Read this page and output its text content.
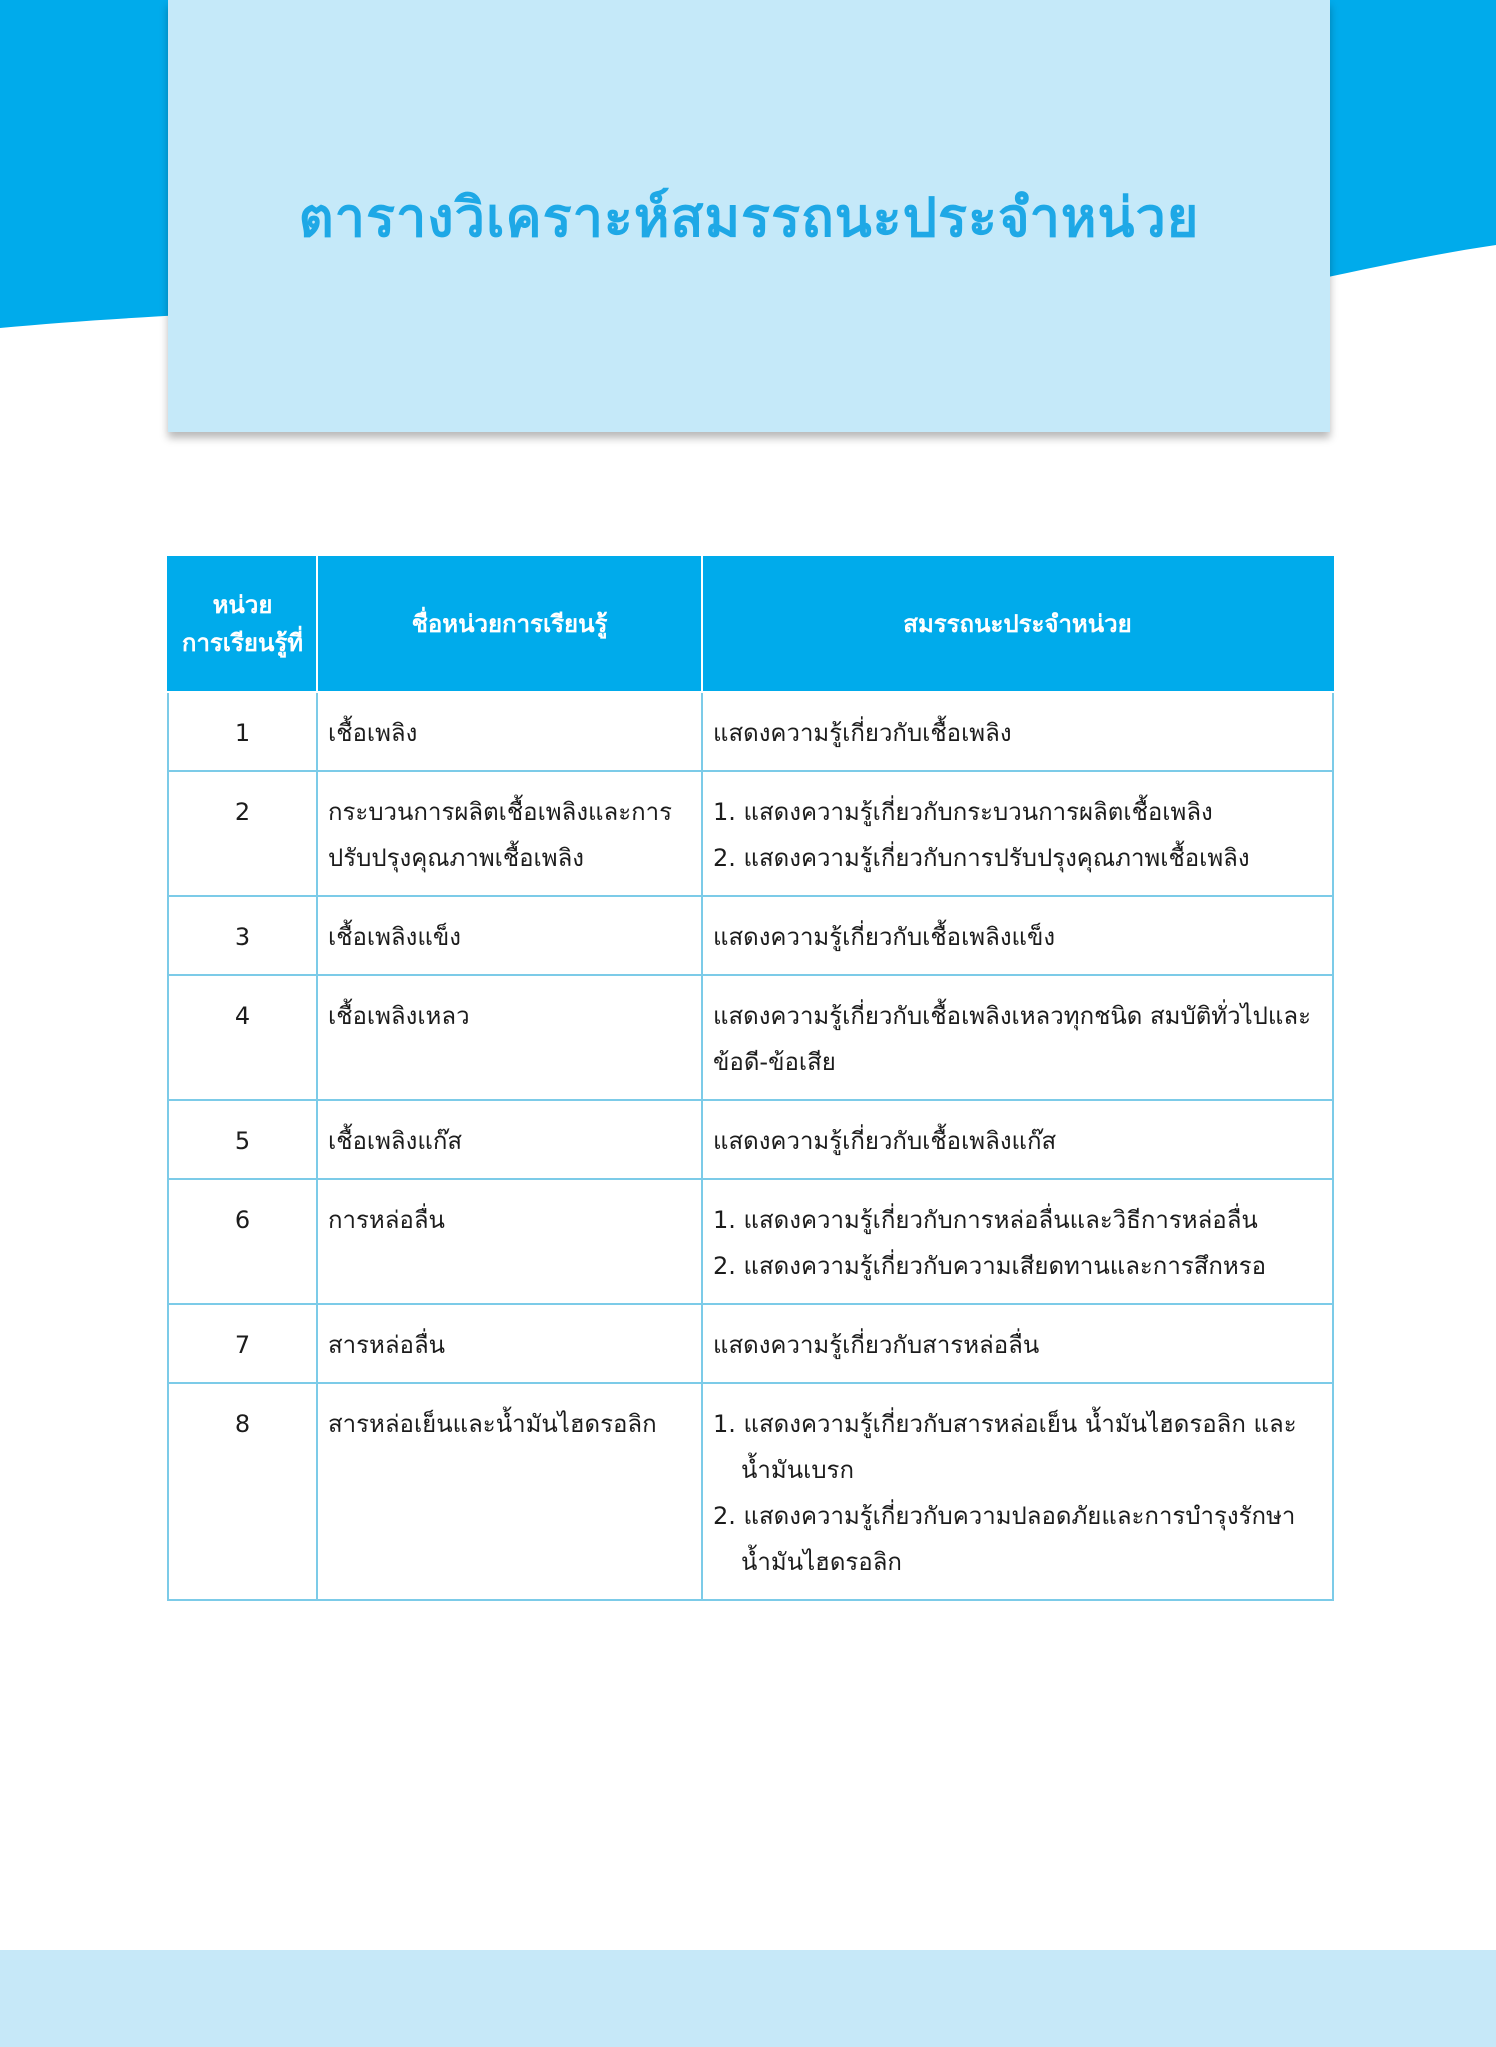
ตารางวิเคราะห์สมรรถนะประจำหน่วย
หน่วย
การเรียนรู้ที่	ชื่อหน่วยการเรียนรู้	สมรรถนะประจำหน่วย
1	เชื้อเพลิง	แสดงความรู้เกี่ยวกับเชื้อเพลิง

2	กระบวนการผลิตเชื้อเพลิงและการปรับปรุงคุณภาพเชื้อเพลิง	1. แสดงความรู้เกี่ยวกับกระบวนการผลิตเชื้อเพลิง
2. แสดงความรู้เกี่ยวกับการปรับปรุงคุณภาพเชื้อเพลิง

3	เชื้อเพลิงแข็ง	แสดงความรู้เกี่ยวกับเชื้อเพลิงแข็ง

4	เชื้อเพลิงเหลว	แสดงความรู้เกี่ยวกับเชื้อเพลิงเหลวทุกชนิด สมบัติทั่วไปและข้อดี-ข้อเสีย

5	เชื้อเพลิงแก๊ส	แสดงความรู้เกี่ยวกับเชื้อเพลิงแก๊ส

6	การหล่อลื่น	1. แสดงความรู้เกี่ยวกับการหล่อลื่นและวิธีการหล่อลื่น
2. แสดงความรู้เกี่ยวกับความเสียดทานและการสึกหรอ

7	สารหล่อลื่น	แสดงความรู้เกี่ยวกับสารหล่อลื่น

8	สารหล่อเย็นและน้ำมันไฮดรอลิก	1. แสดงความรู้เกี่ยวกับสารหล่อเย็น น้ำมันไฮดรอลิก และน้ำมันเบรก
2. แสดงความรู้เกี่ยวกับความปลอดภัยและการบำรุงรักษาน้ำมันไฮดรอลิก
